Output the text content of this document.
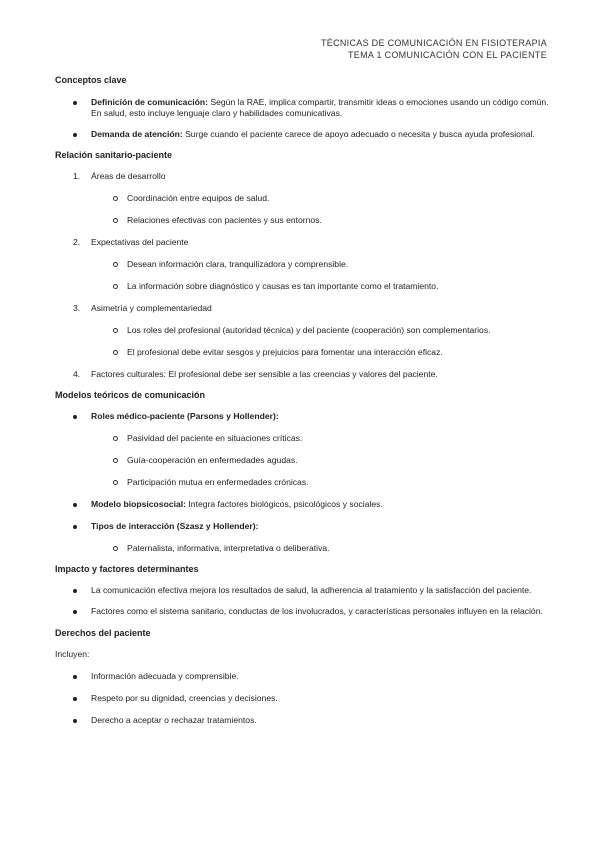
TÉCNICAS DE COMUNICACIÓN EN FISIOTERAPIA
TEMA 1 COMUNICACIÓN CON EL PACIENTE
Conceptos clave
Definición de comunicación: Según la RAE, implica compartir, transmitir ideas o emociones usando un código común. En salud, esto incluye lenguaje claro y habilidades comunicativas.
Demanda de atención: Surge cuando el paciente carece de apoyo adecuado o necesita y busca ayuda profesional.
Relación sanitario-paciente
1. Áreas de desarrollo
Coordinación entre equipos de salud.
Relaciones efectivas con pacientes y sus entornos.
2. Expectativas del paciente
Desean información clara, tranquilizadora y comprensible.
La información sobre diagnóstico y causas es tan importante como el tratamiento.
3. Asimetría y complementariedad
Los roles del profesional (autoridad técnica) y del paciente (cooperación) son complementarios.
El profesional debe evitar sesgos y prejuicios para fomentar una interacción eficaz.
4. Factores culturales: El profesional debe ser sensible a las creencias y valores del paciente.
Modelos teóricos de comunicación
Roles médico-paciente (Parsons y Hollender):
Pasividad del paciente en situaciones críticas.
Guía-cooperación en enfermedades agudas.
Participación mutua en enfermedades crónicas.
Modelo biopsicosocial: Integra factores biológicos, psicológicos y sociales.
Tipos de interacción (Szasz y Hollender):
Paternalista, informativa, interpretativa o deliberativa.
Impacto y factores determinantes
La comunicación efectiva mejora los resultados de salud, la adherencia al tratamiento y la satisfacción del paciente.
Factores como el sistema sanitario, conductas de los involucrados, y características personales influyen en la relación.
Derechos del paciente
Incluyen:
Información adecuada y comprensible.
Respeto por su dignidad, creencias y decisiones.
Derecho a aceptar o rechazar tratamientos.
